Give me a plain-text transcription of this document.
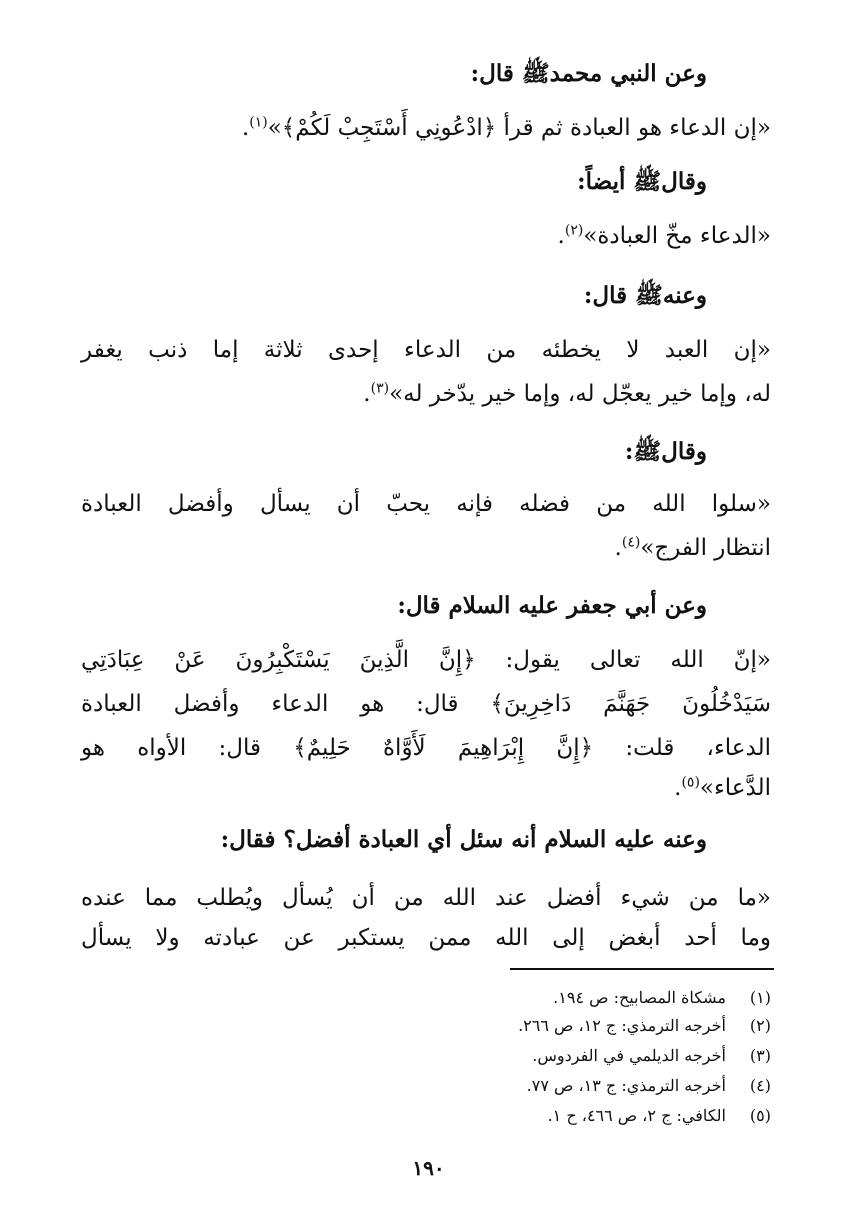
وعن النبي محمدﷺ قال:
«إن الدعاء هو العبادة ثم قرأ ﴿ادْعُونِي أَسْتَجِبْ لَكُمْ﴾»$^{(١)}$.
وقالﷺ أيضاً:
«الدعاء مخّ العبادة»$^{(٢)}$.
وعنهﷺ قال:
«إن العبد لا يخطئه من الدعاء إحدى ثلاثة إما ذنب يغفر
له، وإما خير يعجّل له، وإما خير يدّخر له»$^{(٣)}$.
وقالﷺ:
«سلوا الله من فضله فإنه يحبّ أن يسأل وأفضل العبادة
انتظار الفرج»$^{(٤)}$.
وعن أبي جعفر عليه السلام قال:
«إنّ الله تعالى يقول: ﴿إِنَّ الَّذِينَ يَسْتَكْبِرُونَ عَنْ عِبَادَتِي
سَيَدْخُلُونَ جَهَنَّمَ دَاخِرِينَ﴾ قال: هو الدعاء وأفضل العبادة
الدعاء، قلت: ﴿إِنَّ إِبْرَاهِيمَ لَأَوَّاهٌ حَلِيمٌ﴾ قال: الأواه هو
الدَّعاء»$^{(٥)}$.
وعنه عليه السلام أنه سئل أي العبادة أفضل؟ فقال:
«ما من شيء أفضل عند الله من أن يُسأل ويُطلب مما عنده
وما أحد أبغض إلى الله ممن يستكبر عن عبادته ولا يسأل
(١) مشكاة المصابيح: ص ١٩٤.
(٢) أخرجه الترمذي: ج ١٢، ص ٢٦٦.
(٣) أخرجه الديلمي في الفردوس.
(٤) أخرجه الترمذي: ج ١٣، ص ٧٧.
(٥) الكافي: ج ٢، ص ٤٦٦، ح ١.
١٩٠
